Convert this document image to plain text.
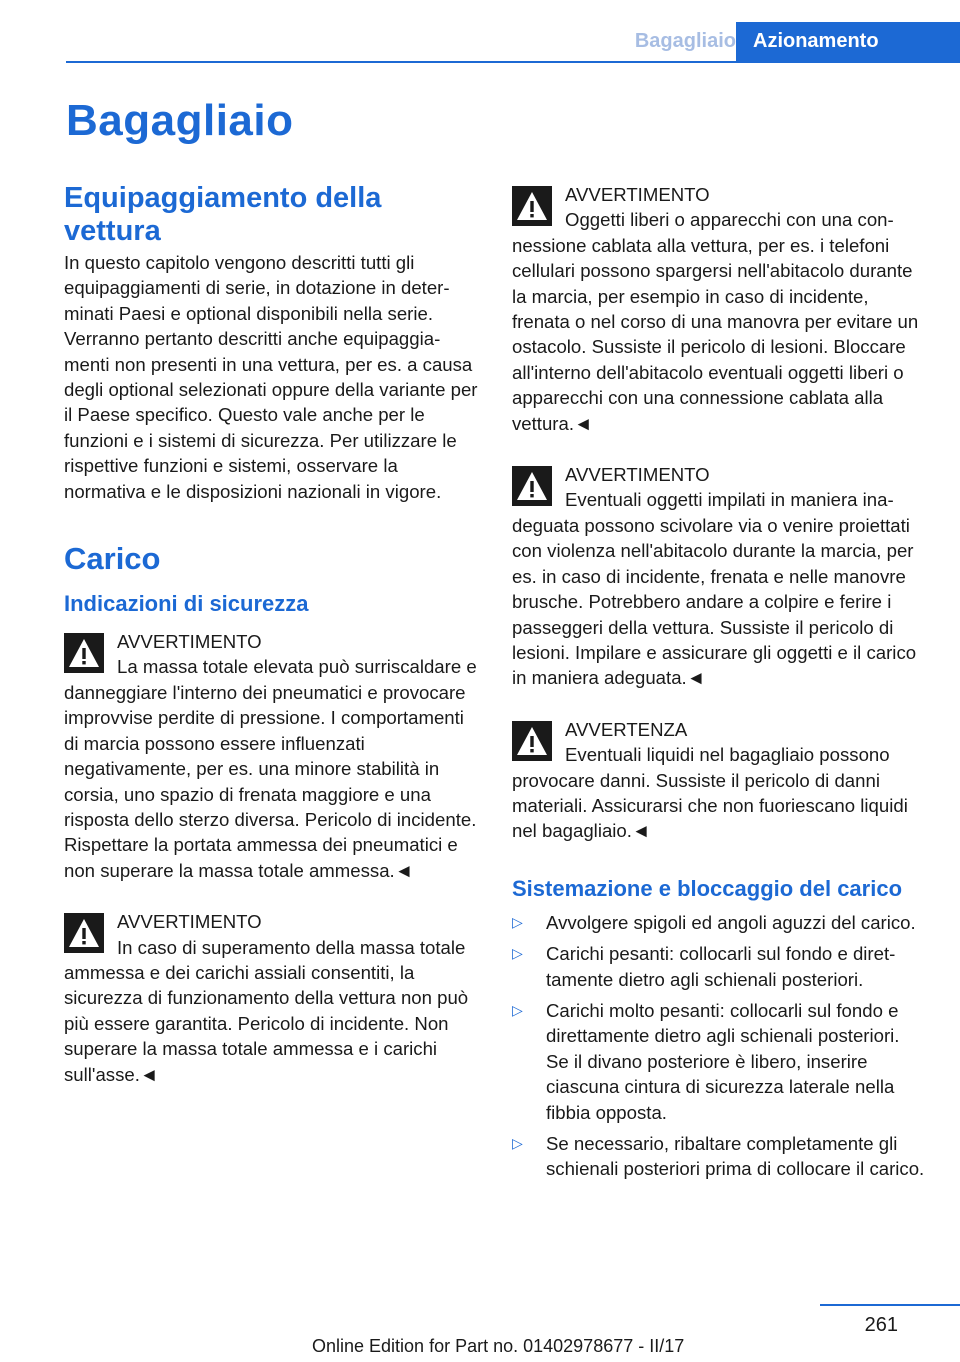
Bagagliaio Azionamento
Bagagliaio
Equipaggiamento della vettura

In questo capitolo vengono descritti tutti gli equipaggiamenti di serie, in dotazione in determinati Paesi e optional disponibili nella serie. Verranno pertanto descritti anche equipaggiamenti non presenti in una vettura, per es. a causa degli optional selezionati oppure della variante per il Paese specifico. Questo vale anche per le funzioni e i sistemi di sicurezza. Per utilizzare le rispettive funzioni e sistemi, osservare la normativa e le disposizioni nazionali in vigore.

Carico
Indicazioni di sicurezza
AVVERTIMENTO
La massa totale elevata può surriscaldare e danneggiare l'interno dei pneumatici e provocare improvvise perdite di pressione. I comportamenti di marcia possono essere influenzati negativamente, per es. una minore stabilità in corsia, uno spazio di frenata maggiore e una risposta dello sterzo diversa. Pericolo di incidente. Rispettare la portata ammessa dei pneumatici e non superare la massa totale ammessa.◄
AVVERTIMENTO
In caso di superamento della massa totale ammessa e dei carichi assiali consentiti, la sicurezza di funzionamento della vettura non può più essere garantita. Pericolo di incidente. Non superare la massa totale ammessa e i carichi sull'asse.◄
AVVERTIMENTO
Oggetti liberi o apparecchi con una connessione cablata alla vettura, per es. i telefoni cellulari possono spargersi nell'abitacolo durante la marcia, per esempio in caso di incidente, frenata o nel corso di una manovra per evitare un ostacolo. Sussiste il pericolo di lesioni. Bloccare all'interno dell'abitacolo eventuali oggetti liberi o apparecchi con una connessione cablata alla vettura.◄
AVVERTIMENTO
Eventuali oggetti impilati in maniera inadeguata possono scivolare via o venire proiettati con violenza nell'abitacolo durante la marcia, per es. in caso di incidente, frenata e nelle manovre brusche. Potrebbero andare a colpire e ferire i passeggeri della vettura. Sussiste il pericolo di lesioni. Impilare e assicurare gli oggetti e il carico in maniera adeguata.◄
AVVERTENZA
Eventuali liquidi nel bagagliaio possono provocare danni. Sussiste il pericolo di danni materiali. Assicurarsi che non fuoriescano liquidi nel bagagliaio.◄
Sistemazione e bloccaggio del carico
▷ Avvolgere spigoli ed angoli aguzzi del carico.
▷ Carichi pesanti: collocarli sul fondo e direttamente dietro agli schienali posteriori.
▷ Carichi molto pesanti: collocarli sul fondo e direttamente dietro agli schienali posteriori. Se il divano posteriore è libero, inserire ciascuna cintura di sicurezza laterale nella fibbia opposta.
▷ Se necessario, ribaltare completamente gli schienali posteriori prima di collocare il carico.
261
Online Edition for Part no. 01402978677 - II/17
